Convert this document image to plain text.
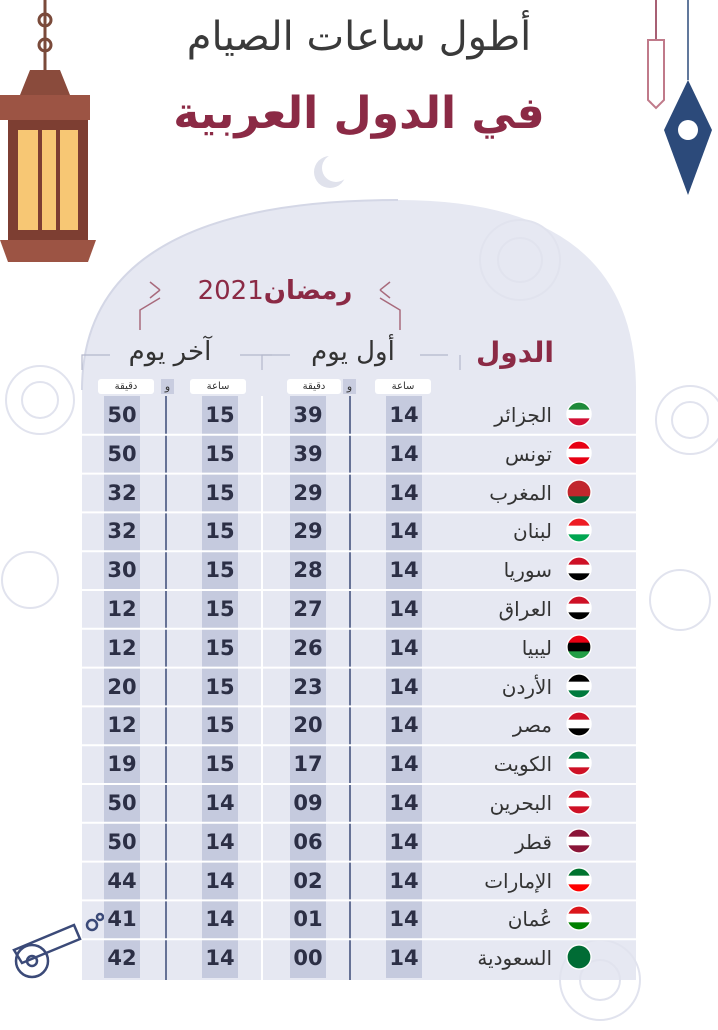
أطول ساعات الصيام
في الدول العربية
رمضان2021
الدول
أول يوم
آخر يوم
ساعة
و
دقيقة
ساعة
و
دقيقة
الجزائر
14
39
15
50
تونس
14
39
15
50
المغرب
14
29
15
32
لبنان
14
29
15
32
سوريا
14
28
15
30
العراق
14
27
15
12
ليبيا
14
26
15
12
الأردن
14
23
15
20
مصر
14
20
15
12
الكويت
14
17
15
19
البحرين
14
09
14
50
قطر
14
06
14
50
الإمارات
14
02
14
44
عُمان
14
01
14
41
السعودية
14
00
14
42
